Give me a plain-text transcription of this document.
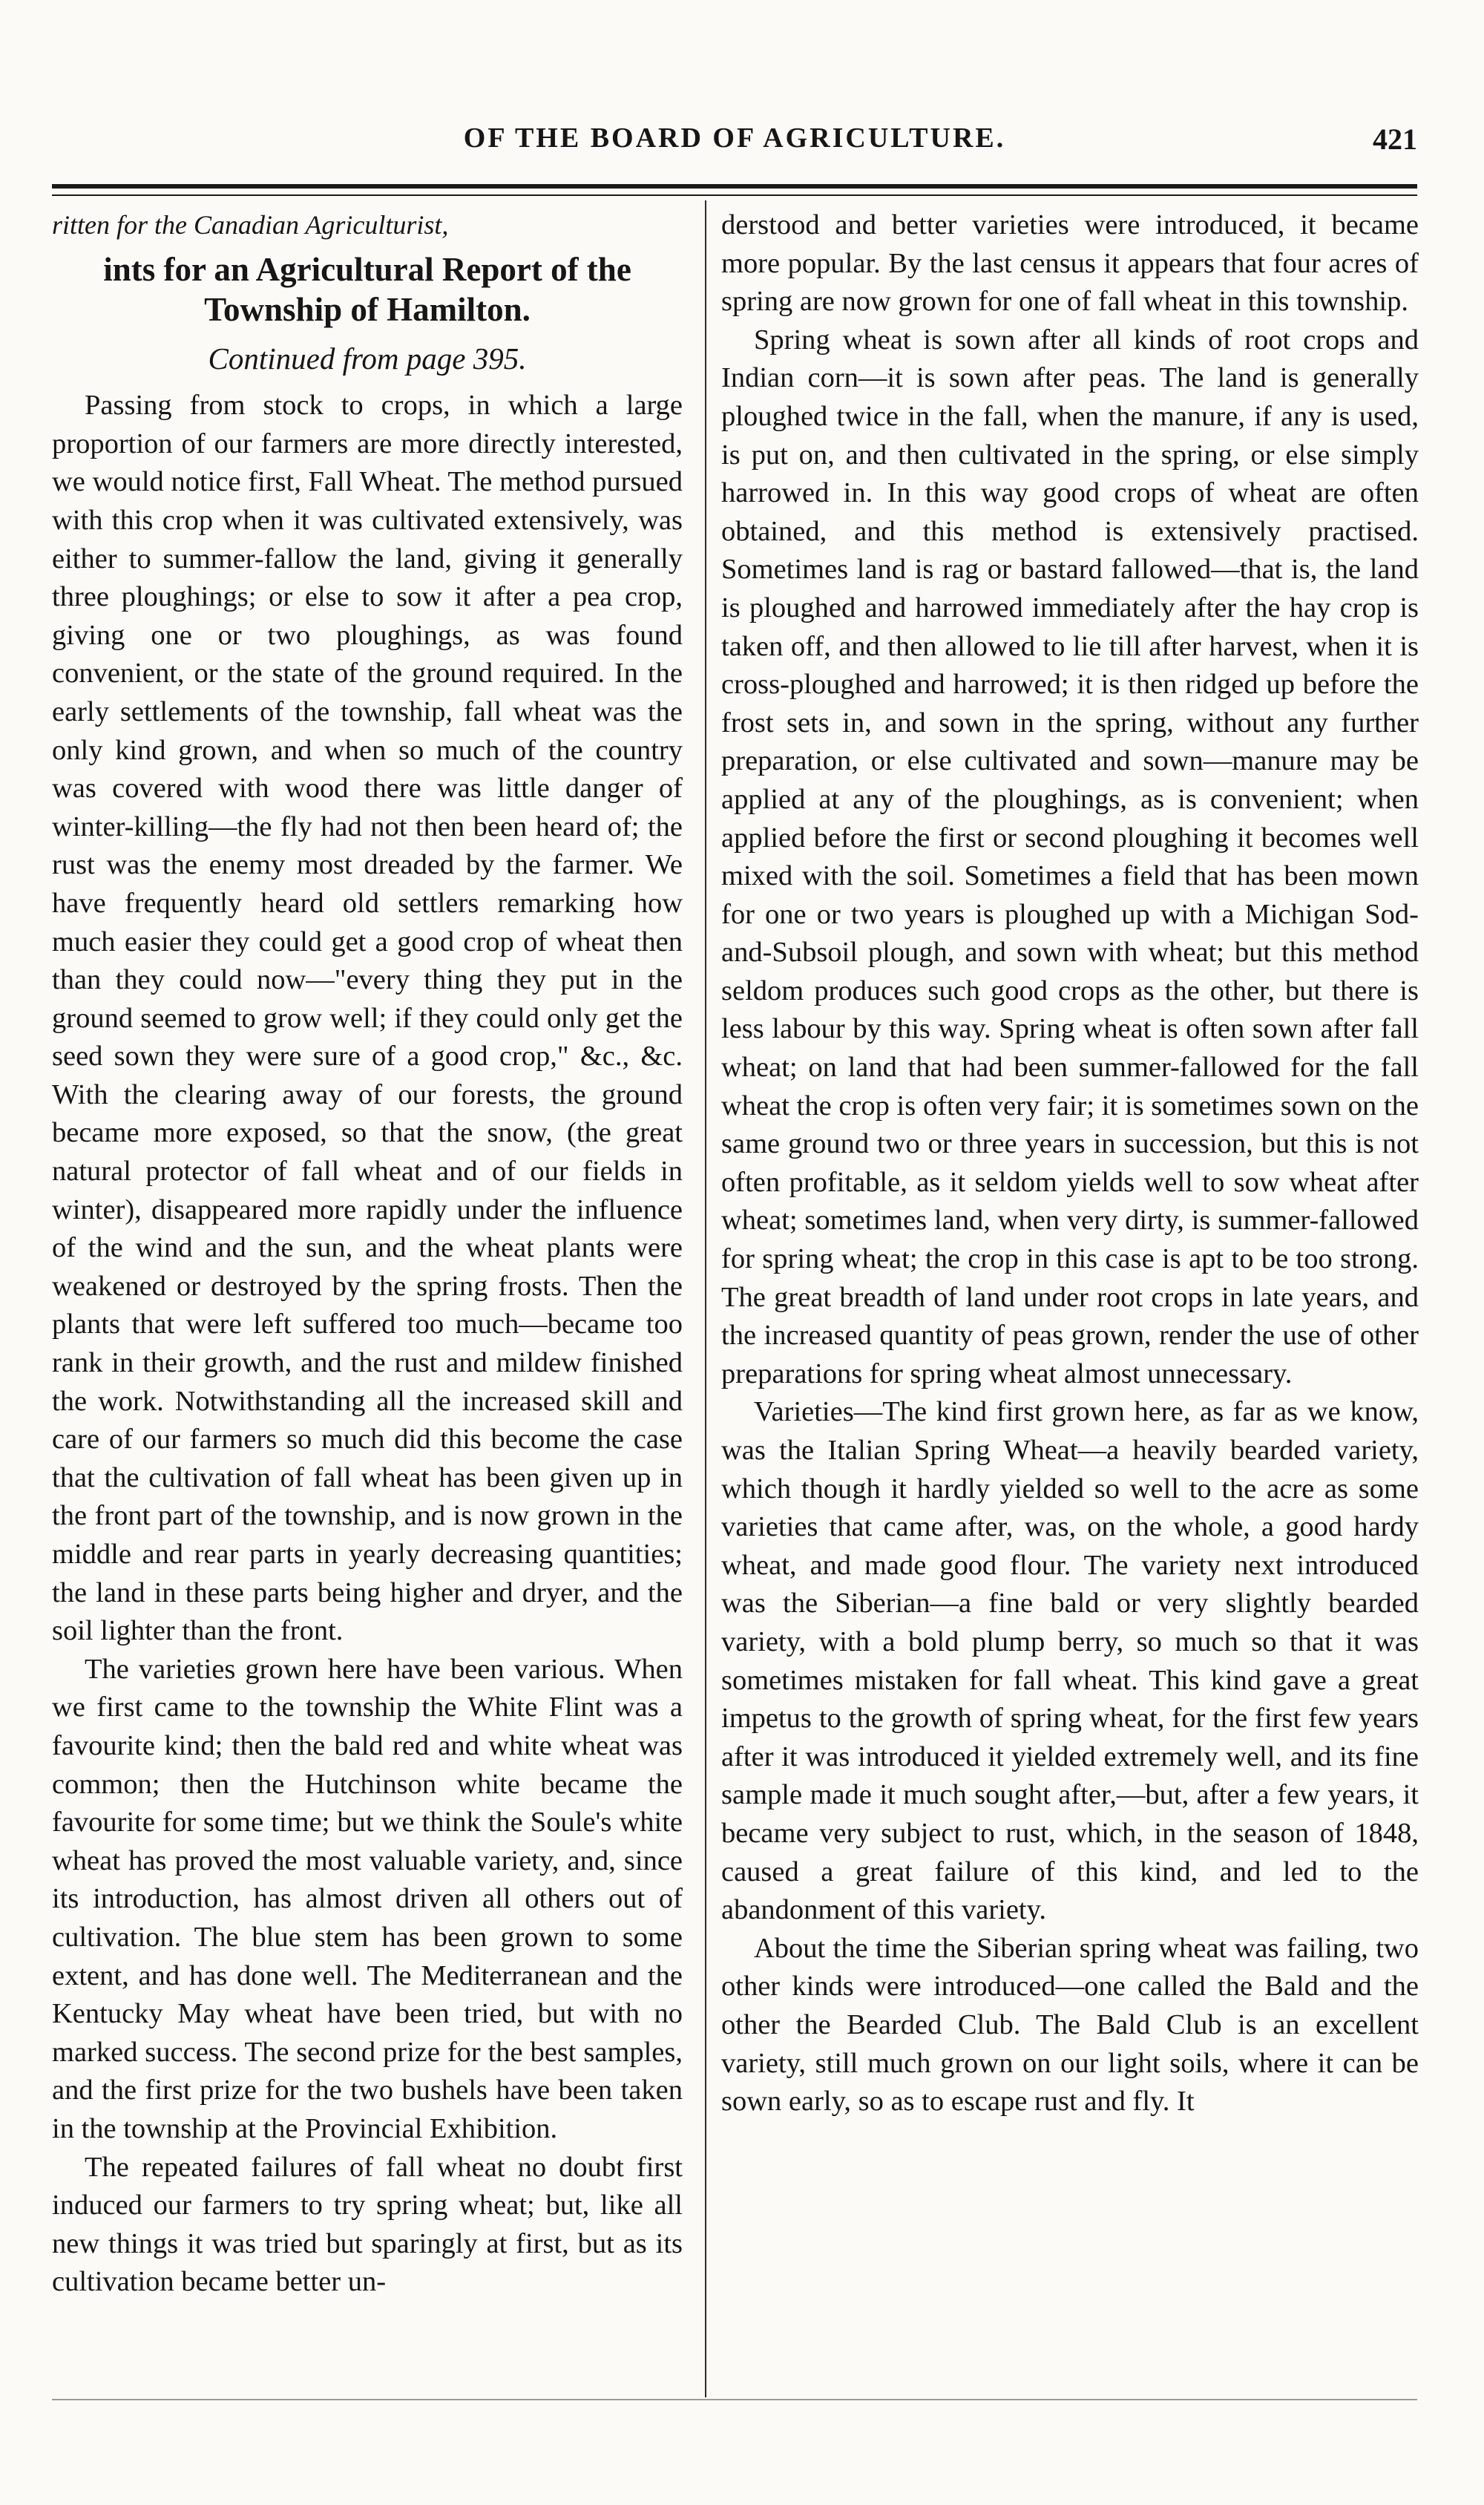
OF THE BOARD OF AGRICULTURE.	421
ritten for the Canadian Agriculturist,
ints for an Agricultural Report of the Township of Hamilton.
Continued from page 395.

Passing from stock to crops, in which a large proportion of our farmers are more directly interested, we would notice first, Fall Wheat. The method pursued with this crop when it was cultivated extensively, was either to summer-fallow the land, giving it generally three ploughings; or else to sow it after a pea crop, giving one or two ploughings, as was found convenient, or the state of the ground required. In the early settlements of the township, fall wheat was the only kind grown, and when so much of the country was covered with wood there was little danger of winter-killing—the fly had not then been heard of; the rust was the enemy most dreaded by the farmer. We have frequently heard old settlers remarking how much easier they could get a good crop of wheat then than they could now—"every thing they put in the ground seemed to grow well; if they could only get the seed sown they were sure of a good crop," &c., &c. With the clearing away of our forests, the ground became more exposed, so that the snow, (the great natural protector of fall wheat and of our fields in winter), disappeared more rapidly under the influence of the wind and the sun, and the wheat plants were weakened or destroyed by the spring frosts. Then the plants that were left suffered too much—became too rank in their growth, and the rust and mildew finished the work. Notwithstanding all the increased skill and care of our farmers so much did this become the case that the cultivation of fall wheat has been given up in the front part of the township, and is now grown in the middle and rear parts in yearly decreasing quantities; the land in these parts being higher and dryer, and the soil lighter than the front.

The varieties grown here have been various. When we first came to the township the White Flint was a favourite kind; then the bald red and white wheat was common; then the Hutchinson white became the favourite for some time; but we think the Soule's white wheat has proved the most valuable variety, and, since its introduction, has almost driven all others out of cultivation. The blue stem has been grown to some extent, and has done well. The Mediterranean and the Kentucky May wheat have been tried, but with no marked success. The second prize for the best samples, and the first prize for the two bushels have been taken in the township at the Provincial Exhibition.

The repeated failures of fall wheat no doubt first induced our farmers to try spring wheat; but, like all new things it was tried but sparingly at first, but as its cultivation became better un-

derstood and better varieties were introduced, it became more popular. By the last census it appears that four acres of spring are now grown for one of fall wheat in this township.

Spring wheat is sown after all kinds of root crops and Indian corn—it is sown after peas. The land is generally ploughed twice in the fall, when the manure, if any is used, is put on, and then cultivated in the spring, or else simply harrowed in. In this way good crops of wheat are often obtained, and this method is extensively practised. Sometimes land is rag or bastard fallowed—that is, the land is ploughed and harrowed immediately after the hay crop is taken off, and then allowed to lie till after harvest, when it is cross-ploughed and harrowed; it is then ridged up before the frost sets in, and sown in the spring, without any further preparation, or else cultivated and sown—manure may be applied at any of the ploughings, as is convenient; when applied before the first or second ploughing it becomes well mixed with the soil. Sometimes a field that has been mown for one or two years is ploughed up with a Michigan Sod-and-Subsoil plough, and sown with wheat; but this method seldom produces such good crops as the other, but there is less labour by this way. Spring wheat is often sown after fall wheat; on land that had been summer-fallowed for the fall wheat the crop is often very fair; it is sometimes sown on the same ground two or three years in succession, but this is not often profitable, as it seldom yields well to sow wheat after wheat; sometimes land, when very dirty, is summer-fallowed for spring wheat; the crop in this case is apt to be too strong. The great breadth of land under root crops in late years, and the increased quantity of peas grown, render the use of other preparations for spring wheat almost unnecessary.

Varieties—The kind first grown here, as far as we know, was the Italian Spring Wheat—a heavily bearded variety, which though it hardly yielded so well to the acre as some varieties that came after, was, on the whole, a good hardy wheat, and made good flour. The variety next introduced was the Siberian—a fine bald or very slightly bearded variety, with a bold plump berry, so much so that it was sometimes mistaken for fall wheat. This kind gave a great impetus to the growth of spring wheat, for the first few years after it was introduced it yielded extremely well, and its fine sample made it much sought after,—but, after a few years, it became very subject to rust, which, in the season of 1848, caused a great failure of this kind, and led to the abandonment of this variety.

About the time the Siberian spring wheat was failing, two other kinds were introduced—one called the Bald and the other the Bearded Club. The Bald Club is an excellent variety, still much grown on our light soils, where it can be sown early, so as to escape rust and fly. It
